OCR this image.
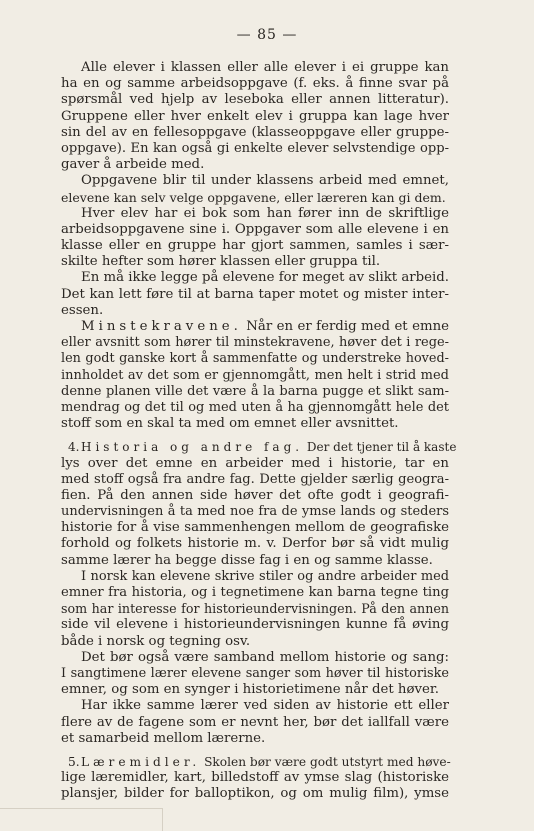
— 85 —
Alle elever i klassen eller alle elever i ei gruppe kan
ha en og samme arbeidsoppgave (f. eks. å finne svar på
spørsmål ved hjelp av leseboka eller annen litteratur).
Gruppene eller hver enkelt elev i gruppa kan lage hver
sin del av en fellesoppgave (klasseoppgave eller gruppe-
oppgave). En kan også gi enkelte elever selvstendige opp-
gaver å arbeide med.
Oppgavene blir til under klassens arbeid med emnet,
elevene kan selv velge oppgavene, eller læreren kan gi dem.
Hver elev har ei bok som han fører inn de skriftlige
arbeidsoppgavene sine i. Oppgaver som alle elevene i en
klasse eller en gruppe har gjort sammen, samles i sær-
skilte hefter som hører klassen eller gruppa til.
En må ikke legge på elevene for meget av slikt arbeid.
Det kan lett føre til at barna taper motet og mister inter-
essen.
Minstekravene. Når en er ferdig med et emne
eller avsnitt som hører til minstekravene, høver det i rege-
len godt ganske kort å sammenfatte og understreke hoved-
innholdet av det som er gjennomgått, men helt i strid med
denne planen ville det være å la barna pugge et slikt sam-
mendrag og det til og med uten å ha gjennomgått hele det
stoff som en skal ta med om emnet eller avsnittet.
4. Historia og andre fag. Der det tjener til å kaste
lys over det emne en arbeider med i historie, tar en
med stoff også fra andre fag. Dette gjelder særlig geogra-
fien. På den annen side høver det ofte godt i geografi-
undervisningen å ta med noe fra de ymse lands og steders
historie for å vise sammenhengen mellom de geografiske
forhold og folkets historie m. v. Derfor bør så vidt mulig
samme lærer ha begge disse fag i en og samme klasse.
I norsk kan elevene skrive stiler og andre arbeider med
emner fra historia, og i tegnetimene kan barna tegne ting
som har interesse for historieundervisningen. På den annen
side vil elevene i historieundervisningen kunne få øving
både i norsk og tegning osv.
Det bør også være samband mellom historie og sang:
I sangtimene lærer elevene sanger som høver til historiske
emner, og som en synger i historietimene når det høver.
Har ikke samme lærer ved siden av historie ett eller
flere av de fagene som er nevnt her, bør det iallfall være
et samarbeid mellom lærerne.
5.Læremidler. Skolen bør være godt utstyrt med høve-
lige læremidler, kart, billedstoff av ymse slag (historiske
plansjer, bilder for balloptikon, og om mulig film), ymse
